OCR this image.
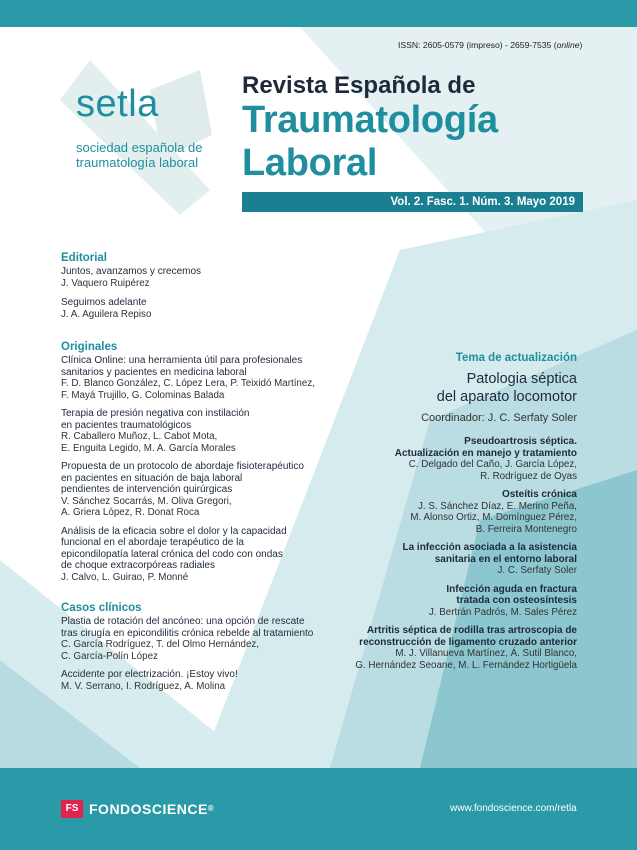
ISSN: 2605-0579 (impreso) - 2659-7535 (online)
setla
sociedad española de
traumatología laboral
Revista Española de
Traumatología
Laboral
Vol. 2. Fasc. 1. Núm. 3. Mayo 2019
Editorial
Juntos, avanzamos y crecemos
J. Vaquero Ruipérez
Seguimos adelante
J. A. Aguilera Repiso
Originales
Clínica Online: una herramienta útil para profesionales
sanitarios y pacientes en medicina laboral
F. D. Blanco González, C. López Lera, P. Teixidó Martínez,
F. Mayá Trujillo, G. Colominas Balada
Terapia de presión negativa con instilación
en pacientes traumatológicos
R. Caballero Muñoz, L. Cabot Mota,
E. Enguita Legido, M. A. García Morales
Propuesta de un protocolo de abordaje fisioterapéutico
en pacientes en situación de baja laboral
pendientes de intervención quirúrgicas
V. Sánchez Socarrás, M. Oliva Gregori,
A. Griera López, R. Donat Roca
Análisis de la eficacia sobre el dolor y la capacidad
funcional en el abordaje terapéutico de la
epicondilopatía lateral crónica del codo con ondas
de choque extracorpóreas radiales
J. Calvo, L. Guirao, P. Monné
Casos clínicos
Plastia de rotación del ancóneo: una opción de rescate
tras cirugía en epicondilitis crónica rebelde al tratamiento
C. García Rodríguez, T. del Olmo Hernández,
C. García-Polín López
Accidente por electrización. ¡Estoy vivo!
M. V. Serrano, I. Rodríguez, A. Molina
Tema de actualización
Patologia séptica
del aparato locomotor
Coordinador: J. C. Serfaty Soler
Pseudoartrosis séptica.
Actualización en manejo y tratamiento
C. Delgado del Caño, J. García López,
R. Rodríguez de Oyas
Osteítis crónica
J. S. Sánchez Díaz, E. Merino Peña,
M. Alonso Ortiz, M. Domínguez Pérez,
B. Ferreira Montenegro
La infección asociada a la asistencia
sanitaria en el entorno laboral
J. C. Serfaty Soler
Infección aguda en fractura
tratada con osteosíntesis
J. Bertrán Padrós, M. Sales Pérez
Artritis séptica de rodilla tras artroscopia de
reconstrucción de ligamento cruzado anterior
M. J. Villanueva Martínez, Á. Sutil Blanco,
G. Hernández Seoane, M. L. Fernández Hortigüela
FS FONDOSCIENCE®	www.fondoscience.com/retla
